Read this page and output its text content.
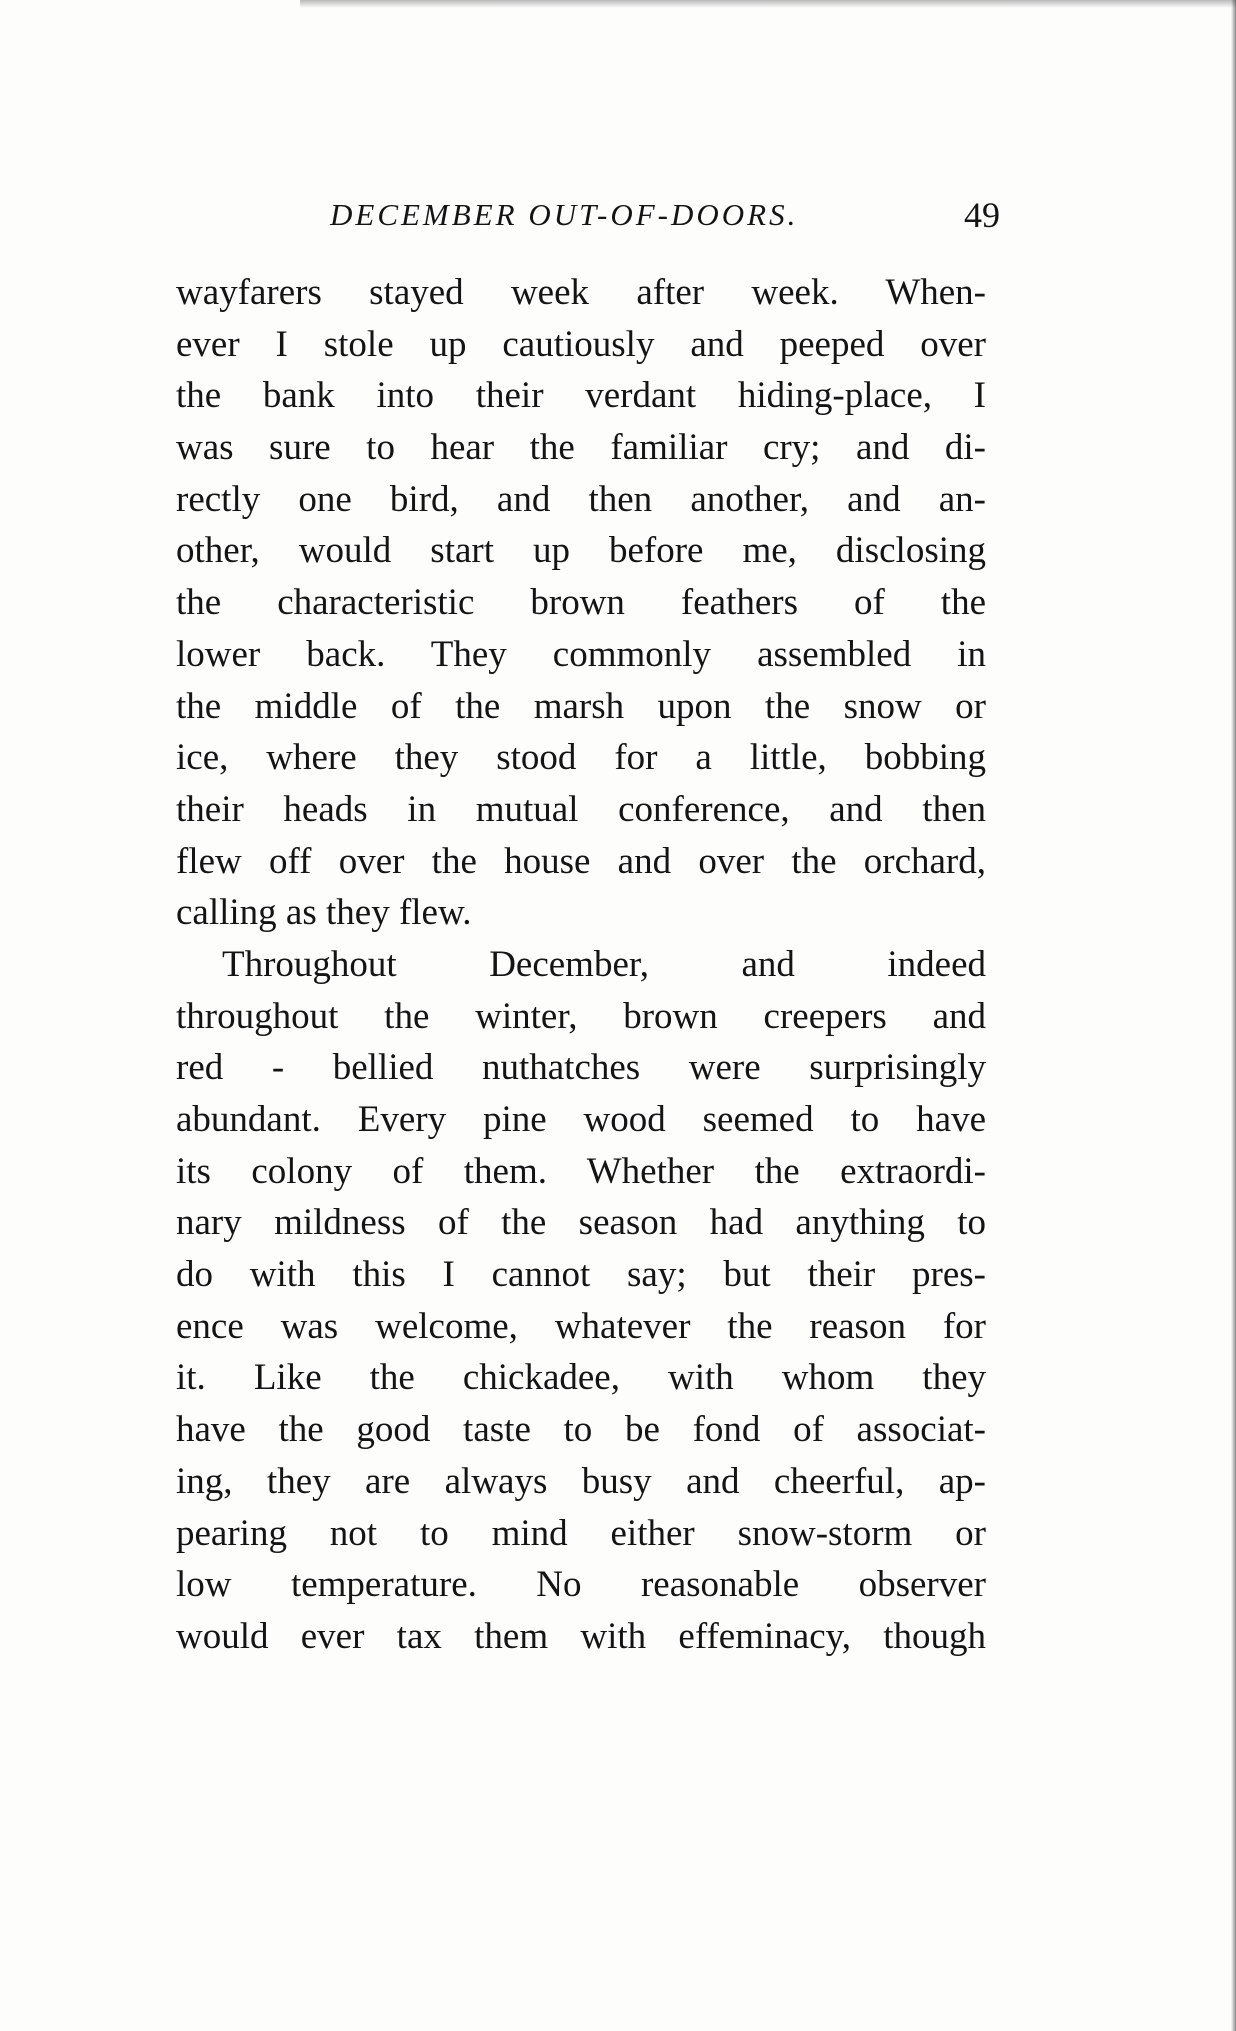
DECEMBER OUT-OF-DOORS.	49
wayfarers stayed week after week. When-
ever I stole up cautiously and peeped over
the bank into their verdant hiding-place, I
was sure to hear the familiar cry; and di-
rectly one bird, and then another, and an-
other, would start up before me, disclosing
the characteristic brown feathers of the
lower back. They commonly assembled in
the middle of the marsh upon the snow or
ice, where they stood for a little, bobbing
their heads in mutual conference, and then
flew off over the house and over the orchard,
calling as they flew.
Throughout December, and indeed
throughout the winter, brown creepers and
red - bellied nuthatches were surprisingly
abundant. Every pine wood seemed to have
its colony of them. Whether the extraordi-
nary mildness of the season had anything to
do with this I cannot say; but their pres-
ence was welcome, whatever the reason for
it. Like the chickadee, with whom they
have the good taste to be fond of associat-
ing, they are always busy and cheerful, ap-
pearing not to mind either snow-storm or
low temperature. No reasonable observer
would ever tax them with effeminacy, though
